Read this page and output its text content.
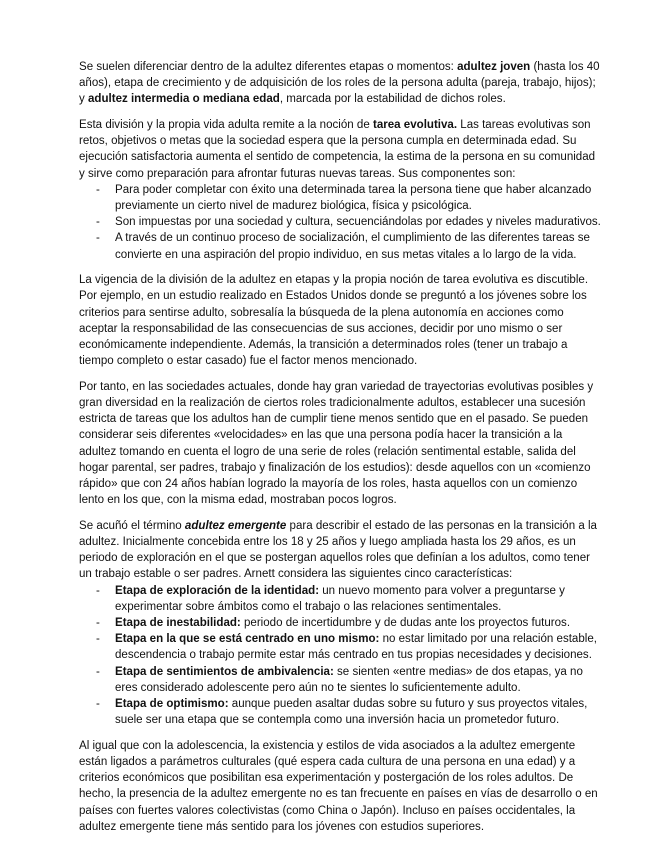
Se suelen diferenciar dentro de la adultez diferentes etapas o momentos: adultez joven (hasta los 40
años), etapa de crecimiento y de adquisición de los roles de la persona adulta (pareja, trabajo, hijos);
y adultez intermedia o mediana edad, marcada por la estabilidad de dichos roles.
Esta división y la propia vida adulta remite a la noción de tarea evolutiva. Las tareas evolutivas son
retos, objetivos o metas que la sociedad espera que la persona cumpla en determinada edad. Su
ejecución satisfactoria aumenta el sentido de competencia, la estima de la persona en su comunidad
y sirve como preparación para afrontar futuras nuevas tareas. Sus componentes son:
- Para poder completar con éxito una determinada tarea la persona tiene que haber alcanzado
previamente un cierto nivel de madurez biológica, física y psicológica.
- Son impuestas por una sociedad y cultura, secuenciándolas por edades y niveles madurativos.
- A través de un continuo proceso de socialización, el cumplimiento de las diferentes tareas se
convierte en una aspiración del propio individuo, en sus metas vitales a lo largo de la vida.
La vigencia de la división de la adultez en etapas y la propia noción de tarea evolutiva es discutible.
Por ejemplo, en un estudio realizado en Estados Unidos donde se preguntó a los jóvenes sobre los
criterios para sentirse adulto, sobresalía la búsqueda de la plena autonomía en acciones como
aceptar la responsabilidad de las consecuencias de sus acciones, decidir por uno mismo o ser
económicamente independiente. Además, la transición a determinados roles (tener un trabajo a
tiempo completo o estar casado) fue el factor menos mencionado.
Por tanto, en las sociedades actuales, donde hay gran variedad de trayectorias evolutivas posibles y
gran diversidad en la realización de ciertos roles tradicionalmente adultos, establecer una sucesión
estricta de tareas que los adultos han de cumplir tiene menos sentido que en el pasado. Se pueden
considerar seis diferentes «velocidades» en las que una persona podía hacer la transición a la
adultez tomando en cuenta el logro de una serie de roles (relación sentimental estable, salida del
hogar parental, ser padres, trabajo y finalización de los estudios): desde aquellos con un «comienzo
rápido» que con 24 años habían logrado la mayoría de los roles, hasta aquellos con un comienzo
lento en los que, con la misma edad, mostraban pocos logros.
Se acuñó el término adultez emergente para describir el estado de las personas en la transición a la
adultez. Inicialmente concebida entre los 18 y 25 años y luego ampliada hasta los 29 años, es un
periodo de exploración en el que se postergan aquellos roles que definían a los adultos, como tener
un trabajo estable o ser padres. Arnett considera las siguientes cinco características:
- Etapa de exploración de la identidad: un nuevo momento para volver a preguntarse y
experimentar sobre ámbitos como el trabajo o las relaciones sentimentales.
- Etapa de inestabilidad: periodo de incertidumbre y de dudas ante los proyectos futuros.
- Etapa en la que se está centrado en uno mismo: no estar limitado por una relación estable,
descendencia o trabajo permite estar más centrado en tus propias necesidades y decisiones.
- Etapa de sentimientos de ambivalencia: se sienten «entre medias» de dos etapas, ya no
eres considerado adolescente pero aún no te sientes lo suficientemente adulto.
- Etapa de optimismo: aunque pueden asaltar dudas sobre su futuro y sus proyectos vitales,
suele ser una etapa que se contempla como una inversión hacia un prometedor futuro.
Al igual que con la adolescencia, la existencia y estilos de vida asociados a la adultez emergente
están ligados a parámetros culturales (qué espera cada cultura de una persona en una edad) y a
criterios económicos que posibilitan esa experimentación y postergación de los roles adultos. De
hecho, la presencia de la adultez emergente no es tan frecuente en países en vías de desarrollo o en
países con fuertes valores colectivistas (como China o Japón). Incluso en países occidentales, la
adultez emergente tiene más sentido para los jóvenes con estudios superiores.
